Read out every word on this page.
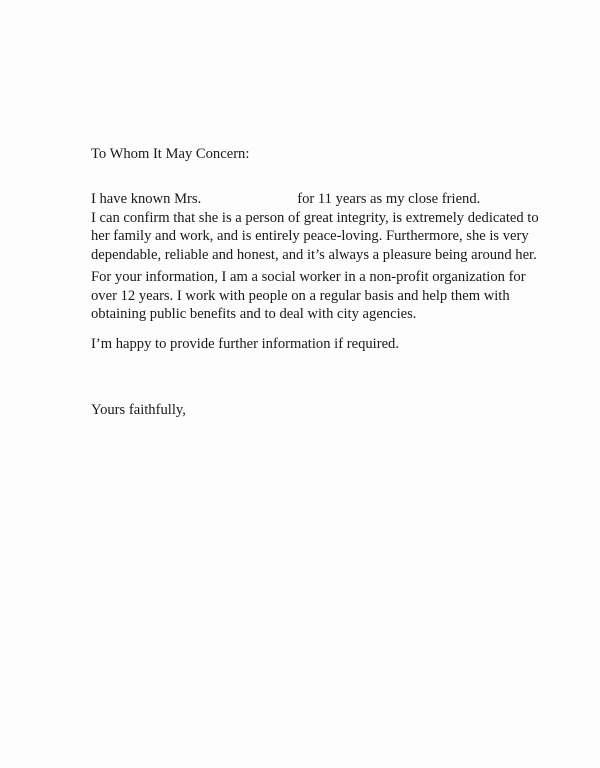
To Whom It May Concern:
I have known Mrs.	for 11 years as my close friend.
I can confirm that she is a person of great integrity, is extremely dedicated to
her family and work, and is entirely peace-loving. Furthermore, she is very
dependable, reliable and honest, and it’s always a pleasure being around her.
For your information, I am a social worker in a non-profit organization for
over 12 years. I work with people on a regular basis and help them with
obtaining public benefits and to deal with city agencies.
I’m happy to provide further information if required.
Yours faithfully,
